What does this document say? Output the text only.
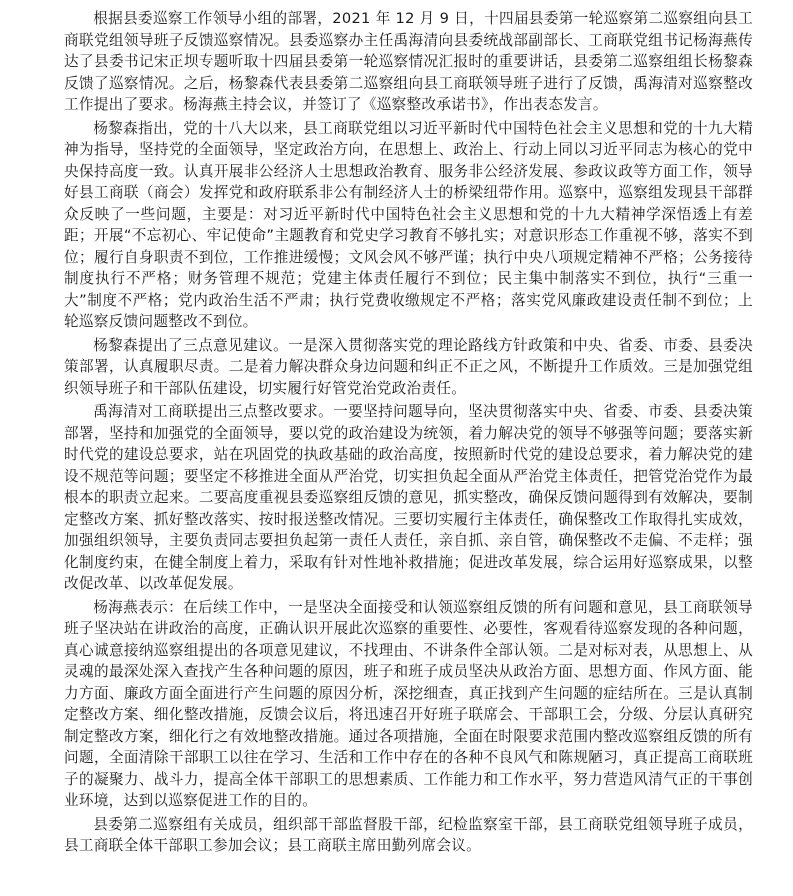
根据县委巡察工作领导小组的部署，2021 年 12 月 9 日，十四届县委第一轮巡察第二巡察组向县工商联党组领导班子反馈巡察情况。县委巡察办主任禹海清向县委统战部副部长、工商联党组书记杨海燕传达了县委书记宋正坝专题听取十四届县委第一轮巡察情况汇报时的重要讲话，县委第二巡察组组长杨黎森反馈了巡察情况。之后，杨黎森代表县委第二巡察组向县工商联领导班子进行了反馈，禹海清对巡察整改工作提出了要求。杨海燕主持会议，并签订了《巡察整改承诺书》，作出表态发言。

杨黎森指出，党的十八大以来，县工商联党组以习近平新时代中国特色社会主义思想和党的十九大精神为指导，坚持党的全面领导，坚定政治方向，在思想上、政治上、行动上同以习近平同志为核心的党中央保持高度一致。认真开展非公经济人士思想政治教育、服务非公经济发展、参政议政等方面工作，领导好县工商联（商会）发挥党和政府联系非公有制经济人士的桥梁纽带作用。巡察中，巡察组发现县干部群众反映了一些问题，主要是：对习近平新时代中国特色社会主义思想和党的十九大精神学深悟透上有差距；开展“不忘初心、牢记使命”主题教育和党史学习教育不够扎实；对意识形态工作重视不够，落实不到位；履行自身职责不到位，工作推进缓慢；文风会风不够严谨；执行中央八项规定精神不严格；公务接待制度执行不严格；财务管理不规范；党建主体责任履行不到位；民主集中制落实不到位，执行“三重一大”制度不严格；党内政治生活不严肃；执行党费收缴规定不严格；落实党风廉政建设责任制不到位；上轮巡察反馈问题整改不到位。

杨黎森提出了三点意见建议。一是深入贯彻落实党的理论路线方针政策和中央、省委、市委、县委决策部署，认真履职尽责。二是着力解决群众身边问题和纠正不正之风，不断提升工作质效。三是加强党组织领导班子和干部队伍建设，切实履行好管党治党政治责任。

禹海清对工商联提出三点整改要求。一要坚持问题导向，坚决贯彻落实中央、省委、市委、县委决策部署，坚持和加强党的全面领导，要以党的政治建设为统领，着力解决党的领导不够强等问题；要落实新时代党的建设总要求，站在巩固党的执政基础的政治高度，按照新时代党的建设总要求，着力解决党的建设不规范等问题；要坚定不移推进全面从严治党，切实担负起全面从严治党主体责任，把管党治党作为最根本的职责立起来。二要高度重视县委巡察组反馈的意见，抓实整改，确保反馈问题得到有效解决，要制定整改方案、抓好整改落实、按时报送整改情况。三要切实履行主体责任，确保整改工作取得扎实成效，加强组织领导，主要负责同志要担负起第一责任人责任，亲自抓、亲自管，确保整改不走偏、不走样；强化制度约束，在健全制度上着力，采取有针对性地补救措施；促进改革发展，综合运用好巡察成果，以整改促改革、以改革促发展。

杨海燕表示：在后续工作中，一是坚决全面接受和认领巡察组反馈的所有问题和意见，县工商联领导班子坚决站在讲政治的高度，正确认识开展此次巡察的重要性、必要性，客观看待巡察发现的各种问题，真心诚意接纳巡察组提出的各项意见建议，不找理由、不讲条件全部认领。二是对标对表，从思想上、从灵魂的最深处深入查找产生各种问题的原因，班子和班子成员坚决从政治方面、思想方面、作风方面、能力方面、廉政方面全面进行产生问题的原因分析，深挖细查，真正找到产生问题的症结所在。三是认真制定整改方案、细化整改措施，反馈会议后，将迅速召开好班子联席会、干部职工会，分级、分层认真研究制定整改方案，细化行之有效地整改措施。通过各项措施，全面在时限要求范围内整改巡察组反馈的所有问题，全面清除干部职工以往在学习、生活和工作中存在的各种不良风气和陈规陋习，真正提高工商联班子的凝聚力、战斗力，提高全体干部职工的思想素质、工作能力和工作水平，努力营造风清气正的干事创业环境，达到以巡察促进工作的目的。

县委第二巡察组有关成员，组织部干部监督股干部，纪检监察室干部，县工商联党组领导班子成员，县工商联全体干部职工参加会议；县工商联主席田勤列席会议。
